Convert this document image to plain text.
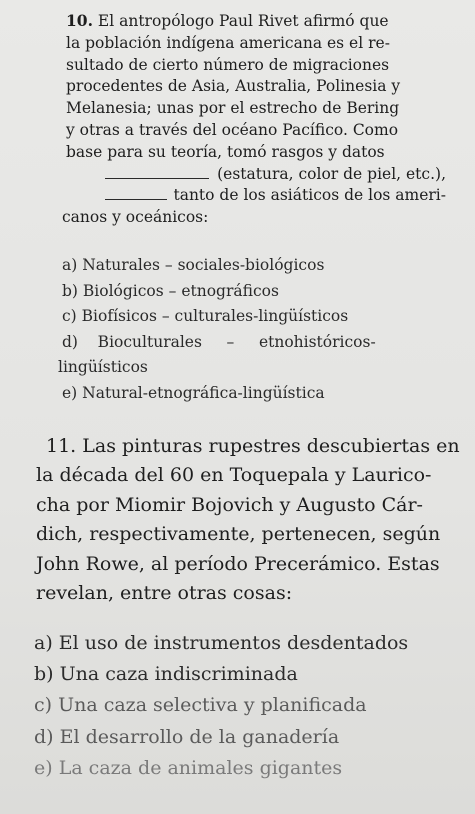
10. El antropólogo Paul Rivet afirmó que

la población indígena americana es el re-

sultado de cierto número de migraciones

procedentes de Asia, Australia, Polinesia y

Melanesia; unas por el estrecho de Bering

y otras a través del océano Pacífico. Como

base para su teoría, tomó rasgos y datos

(estatura, color de piel, etc.),

tanto de los asiáticos de los ameri-

canos y oceánicos:

a) Naturales – sociales-biológicos
b) Biológicos – etnográficos
c) Biofísicos – culturales-lingüísticos
d)    Bioculturales     –     etnohistóricos-
lingüísticos
e) Natural-etnográfica-lingüística

11. Las pinturas rupestres descubiertas en

la década del 60 en Toquepala y Laurico-

cha por Miomir Bojovich y Augusto Cár-

dich, respectivamente, pertenecen, según

John Rowe, al período Precerámico. Estas

revelan, entre otras cosas:

a) El uso de instrumentos desdentados
b) Una caza indiscriminada
c) Una caza selectiva y planificada
d) El desarrollo de la ganadería
e) La caza de animales gigantes
